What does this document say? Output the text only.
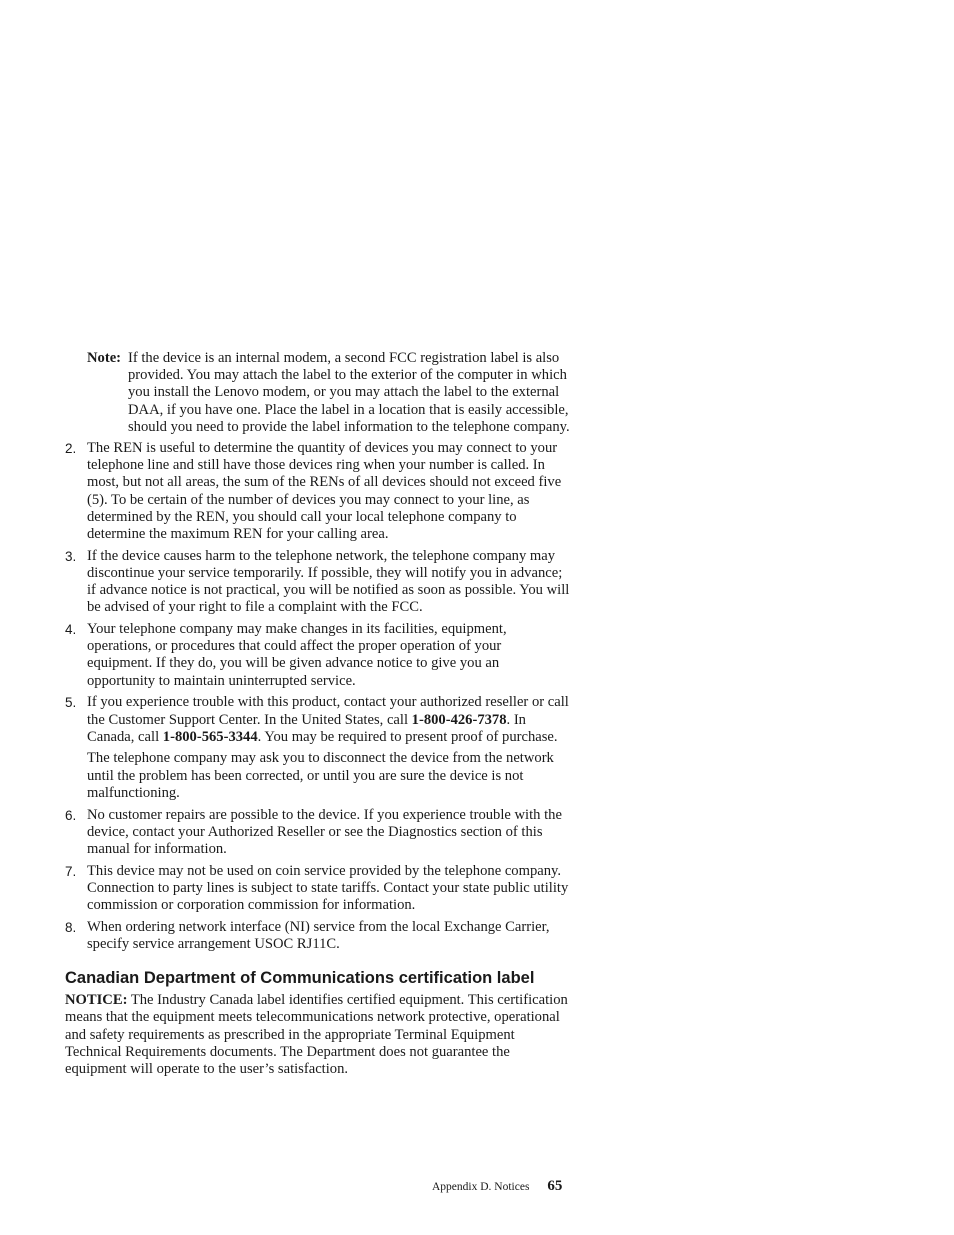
Note: If the device is an internal modem, a second FCC registration label is also provided. You may attach the label to the exterior of the computer in which you install the Lenovo modem, or you may attach the label to the external DAA, if you have one. Place the label in a location that is easily accessible, should you need to provide the label information to the telephone company.
2. The REN is useful to determine the quantity of devices you may connect to your telephone line and still have those devices ring when your number is called. In most, but not all areas, the sum of the RENs of all devices should not exceed five (5). To be certain of the number of devices you may connect to your line, as determined by the REN, you should call your local telephone company to determine the maximum REN for your calling area.

3. If the device causes harm to the telephone network, the telephone company may discontinue your service temporarily. If possible, they will notify you in advance; if advance notice is not practical, you will be notified as soon as possible. You will be advised of your right to file a complaint with the FCC.

4. Your telephone company may make changes in its facilities, equipment, operations, or procedures that could affect the proper operation of your equipment. If they do, you will be given advance notice to give you an opportunity to maintain uninterrupted service.

5. If you experience trouble with this product, contact your authorized reseller or call the Customer Support Center. In the United States, call 1-800-426-7378. In Canada, call 1-800-565-3344. You may be required to present proof of purchase.

The telephone company may ask you to disconnect the device from the network until the problem has been corrected, or until you are sure the device is not malfunctioning.

6. No customer repairs are possible to the device. If you experience trouble with the device, contact your Authorized Reseller or see the Diagnostics section of this manual for information.

7. This device may not be used on coin service provided by the telephone company. Connection to party lines is subject to state tariffs. Contact your state public utility commission or corporation commission for information.

8. When ordering network interface (NI) service from the local Exchange Carrier, specify service arrangement USOC RJ11C.

Canadian Department of Communications certification label

NOTICE: The Industry Canada label identifies certified equipment. This certification means that the equipment meets telecommunications network protective, operational and safety requirements as prescribed in the appropriate Terminal Equipment Technical Requirements documents. The Department does not guarantee the equipment will operate to the user’s satisfaction.

Appendix D. Notices 65
